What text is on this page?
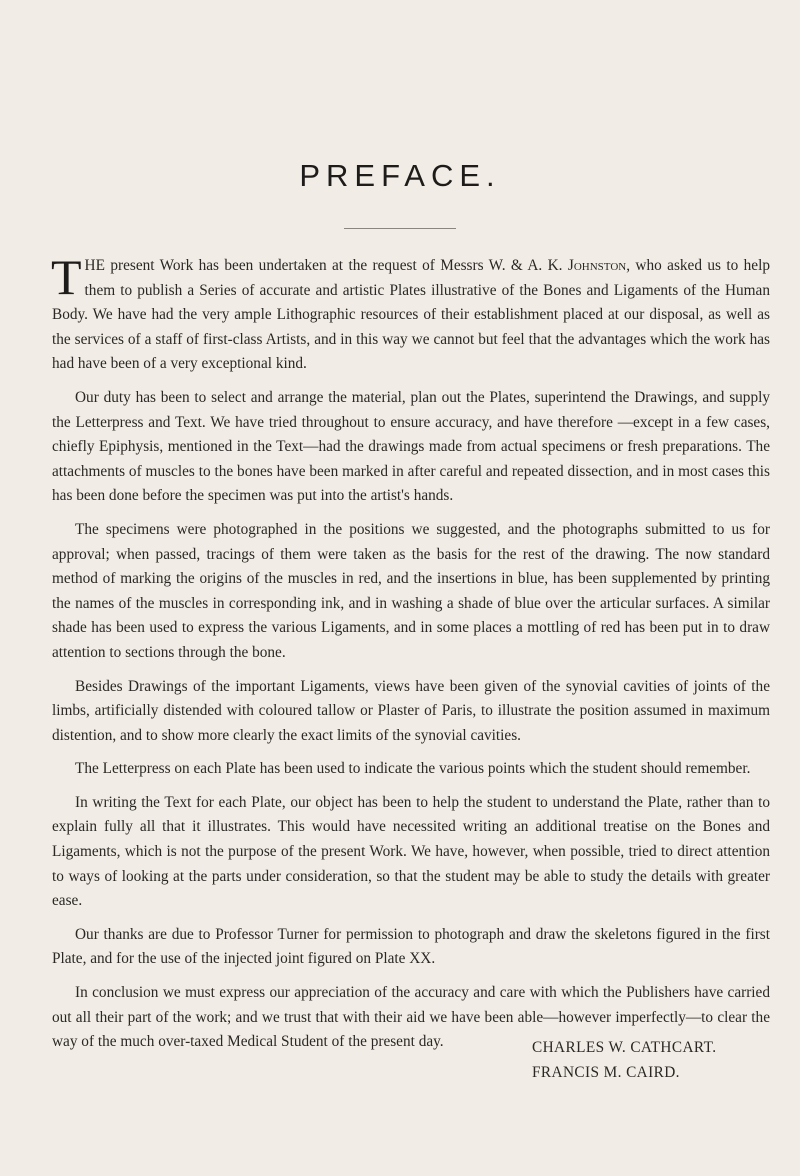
PREFACE.

THE present Work has been undertaken at the request of Messrs W. & A. K. Johnston, who asked us to help them to publish a Series of accurate and artistic Plates illustrative of the Bones and Ligaments of the Human Body. We have had the very ample Lithographic resources of their establishment placed at our disposal, as well as the services of a staff of first-class Artists, and in this way we cannot but feel that the advantages which the work has had have been of a very exceptional kind.

Our duty has been to select and arrange the material, plan out the Plates, superintend the Drawings, and supply the Letterpress and Text. We have tried throughout to ensure accuracy, and have therefore —except in a few cases, chiefly Epiphysis, mentioned in the Text—had the drawings made from actual specimens or fresh preparations. The attachments of muscles to the bones have been marked in after careful and repeated dissection, and in most cases this has been done before the specimen was put into the artist's hands.

The specimens were photographed in the positions we suggested, and the photographs submitted to us for approval; when passed, tracings of them were taken as the basis for the rest of the drawing. The now standard method of marking the origins of the muscles in red, and the insertions in blue, has been supplemented by printing the names of the muscles in corresponding ink, and in washing a shade of blue over the articular surfaces. A similar shade has been used to express the various Ligaments, and in some places a mottling of red has been put in to draw attention to sections through the bone.

Besides Drawings of the important Ligaments, views have been given of the synovial cavities of joints of the limbs, artificially distended with coloured tallow or Plaster of Paris, to illustrate the position assumed in maximum distention, and to show more clearly the exact limits of the synovial cavities.

The Letterpress on each Plate has been used to indicate the various points which the student should remember.

In writing the Text for each Plate, our object has been to help the student to understand the Plate, rather than to explain fully all that it illustrates. This would have necessited writing an additional treatise on the Bones and Ligaments, which is not the purpose of the present Work. We have, however, when possible, tried to direct attention to ways of looking at the parts under consideration, so that the student may be able to study the details with greater ease.

Our thanks are due to Professor Turner for permission to photograph and draw the skeletons figured in the first Plate, and for the use of the injected joint figured on Plate XX.

In conclusion we must express our appreciation of the accuracy and care with which the Publishers have carried out all their part of the work; and we trust that with their aid we have been able—however imperfectly—to clear the way of the much over-taxed Medical Student of the present day.	CHARLES W. CATHCART.
FRANCIS M. CAIRD.
